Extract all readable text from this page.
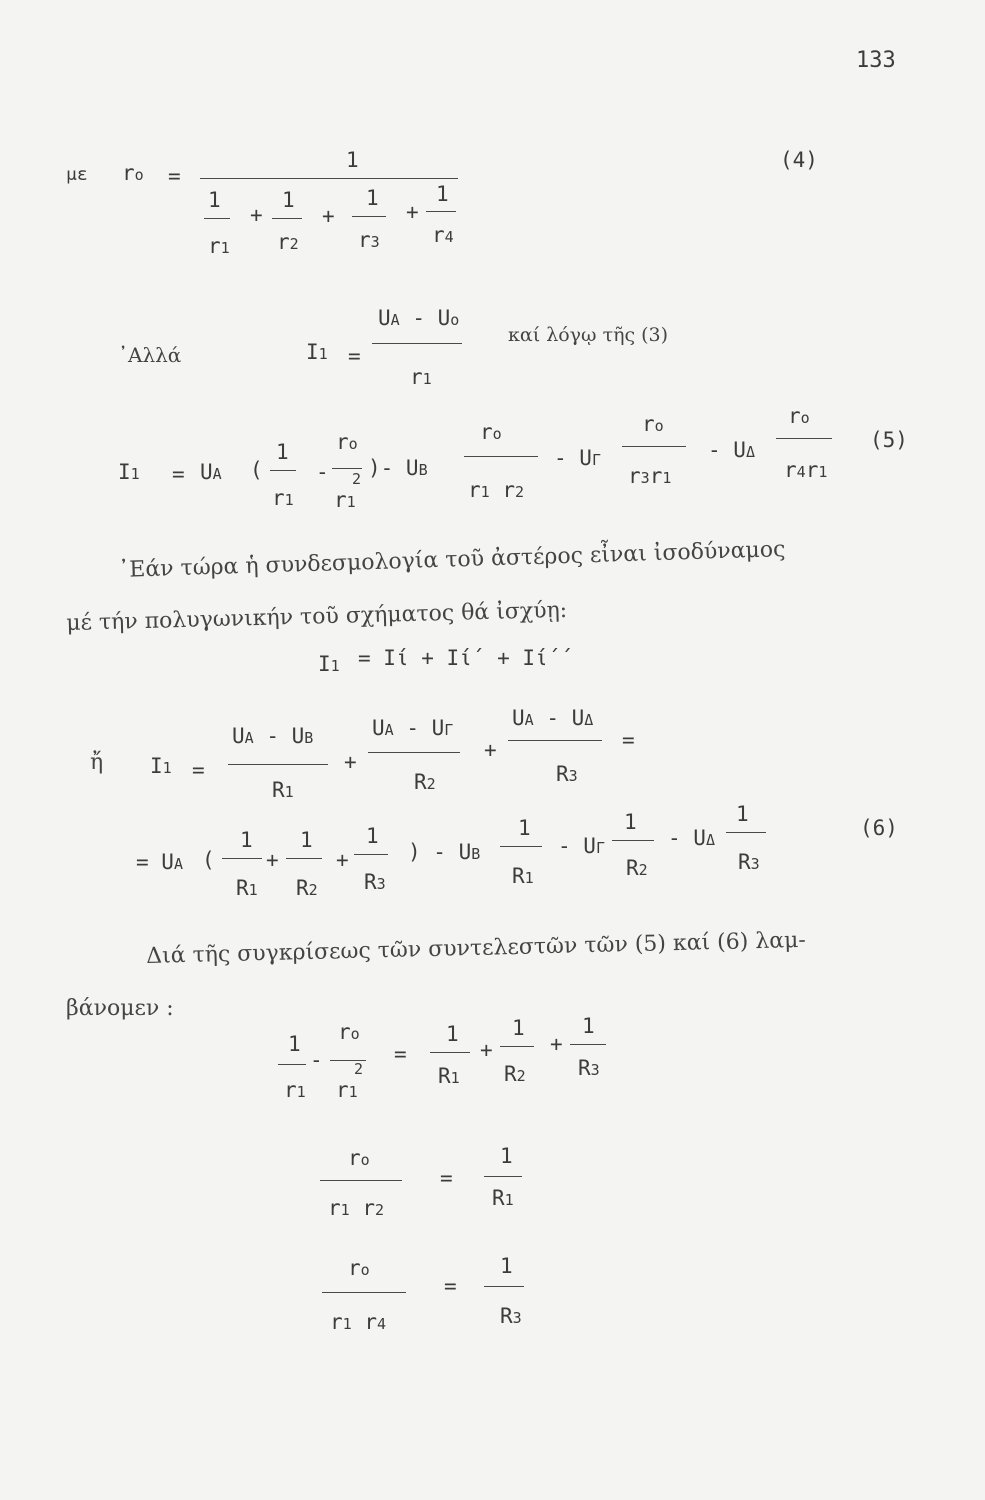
133
με ro =
1
1
r1
+
1
r2
+
1
r3
+
1
r4
(4)
᾽Αλλά	I1 =
UA - Uo
r1
καί λόγῳ τῆς (3)
I1 = UA (
1
r1
-
ro
2
r1
)- UB
ro
r1 r2
- UΓ
ro
r3r1
- UΔ
ro
r4r1
(5)
᾽Εάν τώρα ἡ συνδεσμολογία τοῦ ἀστέρος εἶναι ἰσοδύναμος
μέ τήν πολυγωνικήν τοῦ σχήματος θά ἰσχύῃ:
I1 = Iί + Iί΄ + Iί΄΄
ἤ I1 =
UA - UB
R1
+
UA - UΓ
R2
+
UA - UΔ
R3
=
= UA (
1
R1
+
1
R2
+
1
R3
) - UB
1
R1
- UΓ
1
R2
- UΔ
1
R3
(6)
Διά τῆς συγκρίσεως τῶν συντελεστῶν τῶν (5) καί (6) λαμ-
βάνομεν :
1
r1
-
ro
2
r1
=
1
R1
+
1
R2
+
1
R3
ro
r1 r2
=
1
R1
ro
r1 r4
=
1
R3
